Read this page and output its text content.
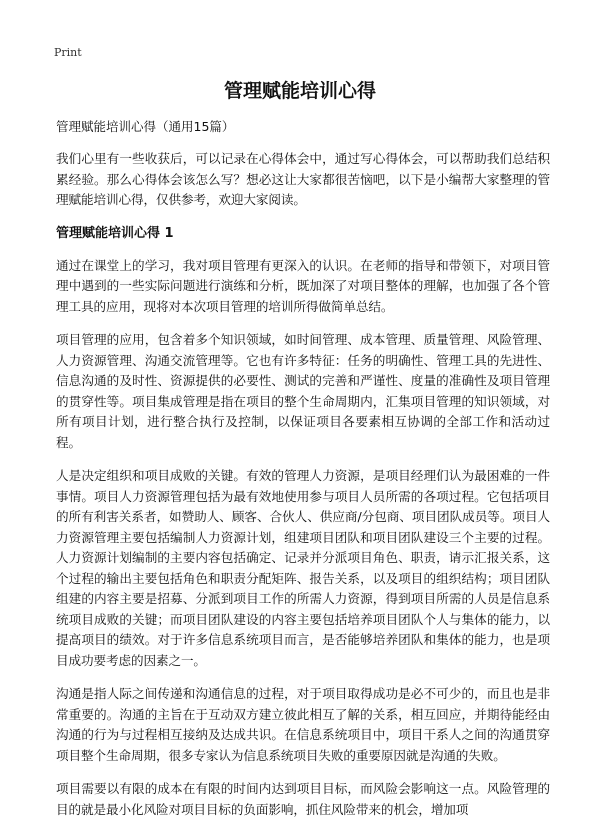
Print
管理赋能培训心得

管理赋能培训心得（通用15篇）

我们心里有一些收获后，可以记录在心得体会中，通过写心得体会，可以帮助我们总结积累经验。那么心得体会该怎么写？想必这让大家都很苦恼吧，以下是小编帮大家整理的管理赋能培训心得，仅供参考，欢迎大家阅读。

管理赋能培训心得 1

通过在课堂上的学习，我对项目管理有更深入的认识。在老师的指导和带领下，对项目管理中遇到的一些实际问题进行演练和分析，既加深了对项目整体的理解，也加强了各个管理工具的应用，现将对本次项目管理的培训所得做简单总结。

项目管理的应用，包含着多个知识领域，如时间管理、成本管理、质量管理、风险管理、人力资源管理、沟通交流管理等。它也有许多特征：任务的明确性、管理工具的先进性、信息沟通的及时性、资源提供的必要性、测试的完善和严谨性、度量的准确性及项目管理的贯穿性等。项目集成管理是指在项目的整个生命周期内，汇集项目管理的知识领域，对所有项目计划，进行整合执行及控制，以保证项目各要素相互协调的全部工作和活动过程。

人是决定组织和项目成败的关键。有效的管理人力资源，是项目经理们认为最困难的一件事情。项目人力资源管理包括为最有效地使用参与项目人员所需的各项过程。它包括项目的所有利害关系者，如赞助人、顾客、合伙人、供应商/分包商、项目团队成员等。项目人力资源管理主要包括编制人力资源计划，组建项目团队和项目团队建设三个主要的过程。人力资源计划编制的主要内容包括确定、记录并分派项目角色、职责，请示汇报关系，这个过程的输出主要包括角色和职责分配矩阵、报告关系，以及项目的组织结构；项目团队组建的内容主要是招募、分派到项目工作的所需人力资源，得到项目所需的人员是信息系统项目成败的关键；而项目团队建设的内容主要包括培养项目团队个人与集体的能力，以提高项目的绩效。对于许多信息系统项目而言，是否能够培养团队和集体的能力，也是项目成功要考虑的因素之一。

沟通是指人际之间传递和沟通信息的过程，对于项目取得成功是必不可少的，而且也是非常重要的。沟通的主旨在于互动双方建立彼此相互了解的关系，相互回应，并期待能经由沟通的行为与过程相互接纳及达成共识。在信息系统项目中，项目干系人之间的沟通贯穿项目整个生命周期，很多专家认为信息系统项目失败的重要原因就是沟通的失败。

项目需要以有限的成本在有限的时间内达到项目目标，而风险会影响这一点。风险管理的目的就是最小化风险对项目目标的负面影响，抓住风险带来的机会，增加项
